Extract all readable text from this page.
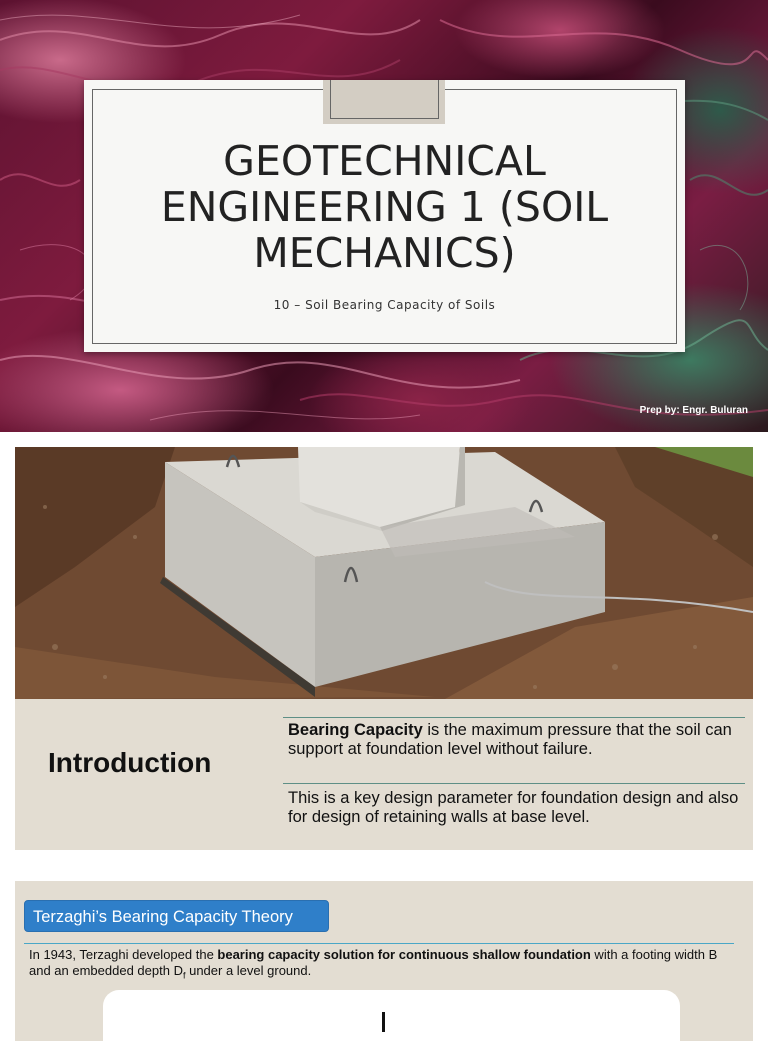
GEOTECHNICAL ENGINEERING 1 (SOIL MECHANICS)
10 – Soil Bearing Capacity of Soils
Prep by: Engr. Buluran
Introduction
Bearing Capacity is the maximum pressure that the soil can support at foundation level without failure.
This is a key design parameter for foundation design and also for design of retaining walls at base level.
Terzaghi’s Bearing Capacity Theory
In 1943, Terzaghi developed the bearing capacity solution for continuous shallow foundation with a footing width B and an embedded depth $D_f$ under a level ground.
